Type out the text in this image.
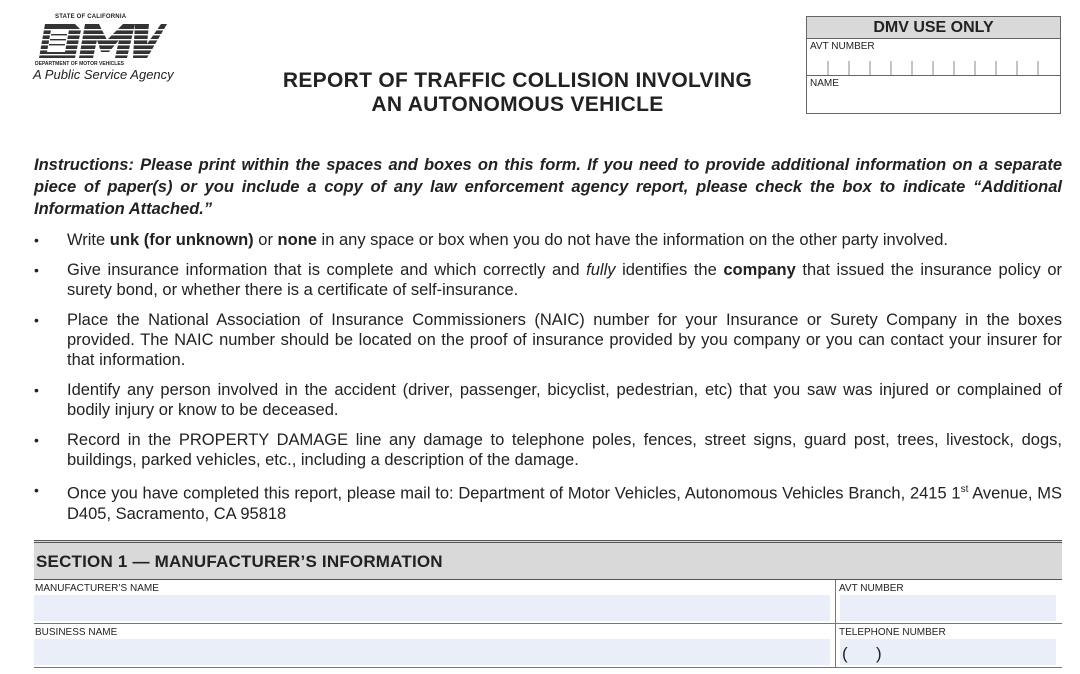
STATE OF CALIFORNIA
DEPARTMENT OF MOTOR VEHICLES
A Public Service Agency	REPORT OF TRAFFIC COLLISION INVOLVING
AN AUTONOMOUS VEHICLE
DMV USE ONLY
AVT NUMBER
NAME
Instructions: Please print within the spaces and boxes on this form. If you need to provide additional information on a separate piece of paper(s) or you include a copy of any law enforcement agency report, please check the box to indicate “Additional Information Attached.”
• Write unk (for unknown) or none in any space or box when you do not have the information on the other party involved.
• Give insurance information that is complete and which correctly and fully identifies the company that issued the insurance policy or surety bond, or whether there is a certificate of self-insurance.
• Place the National Association of Insurance Commissioners (NAIC) number for your Insurance or Surety Company in the boxes provided. The NAIC number should be located on the proof of insurance provided by you company or you can contact your insurer for that information.
• Identify any person involved in the accident (driver, passenger, bicyclist, pedestrian, etc) that you saw was injured or complained of bodily injury or know to be deceased.
• Record in the PROPERTY DAMAGE line any damage to telephone poles, fences, street signs, guard post, trees, livestock, dogs, buildings, parked vehicles, etc., including a description of the damage.
• Once you have completed this report, please mail to: Department of Motor Vehicles, Autonomous Vehicles Branch, 2415 1st Avenue, MS D405, Sacramento, CA 95818
SECTION 1 — MANUFACTURER’S INFORMATION
MANUFACTURER’S NAME	AVT NUMBER
BUSINESS NAME	TELEPHONE NUMBER
(      )
